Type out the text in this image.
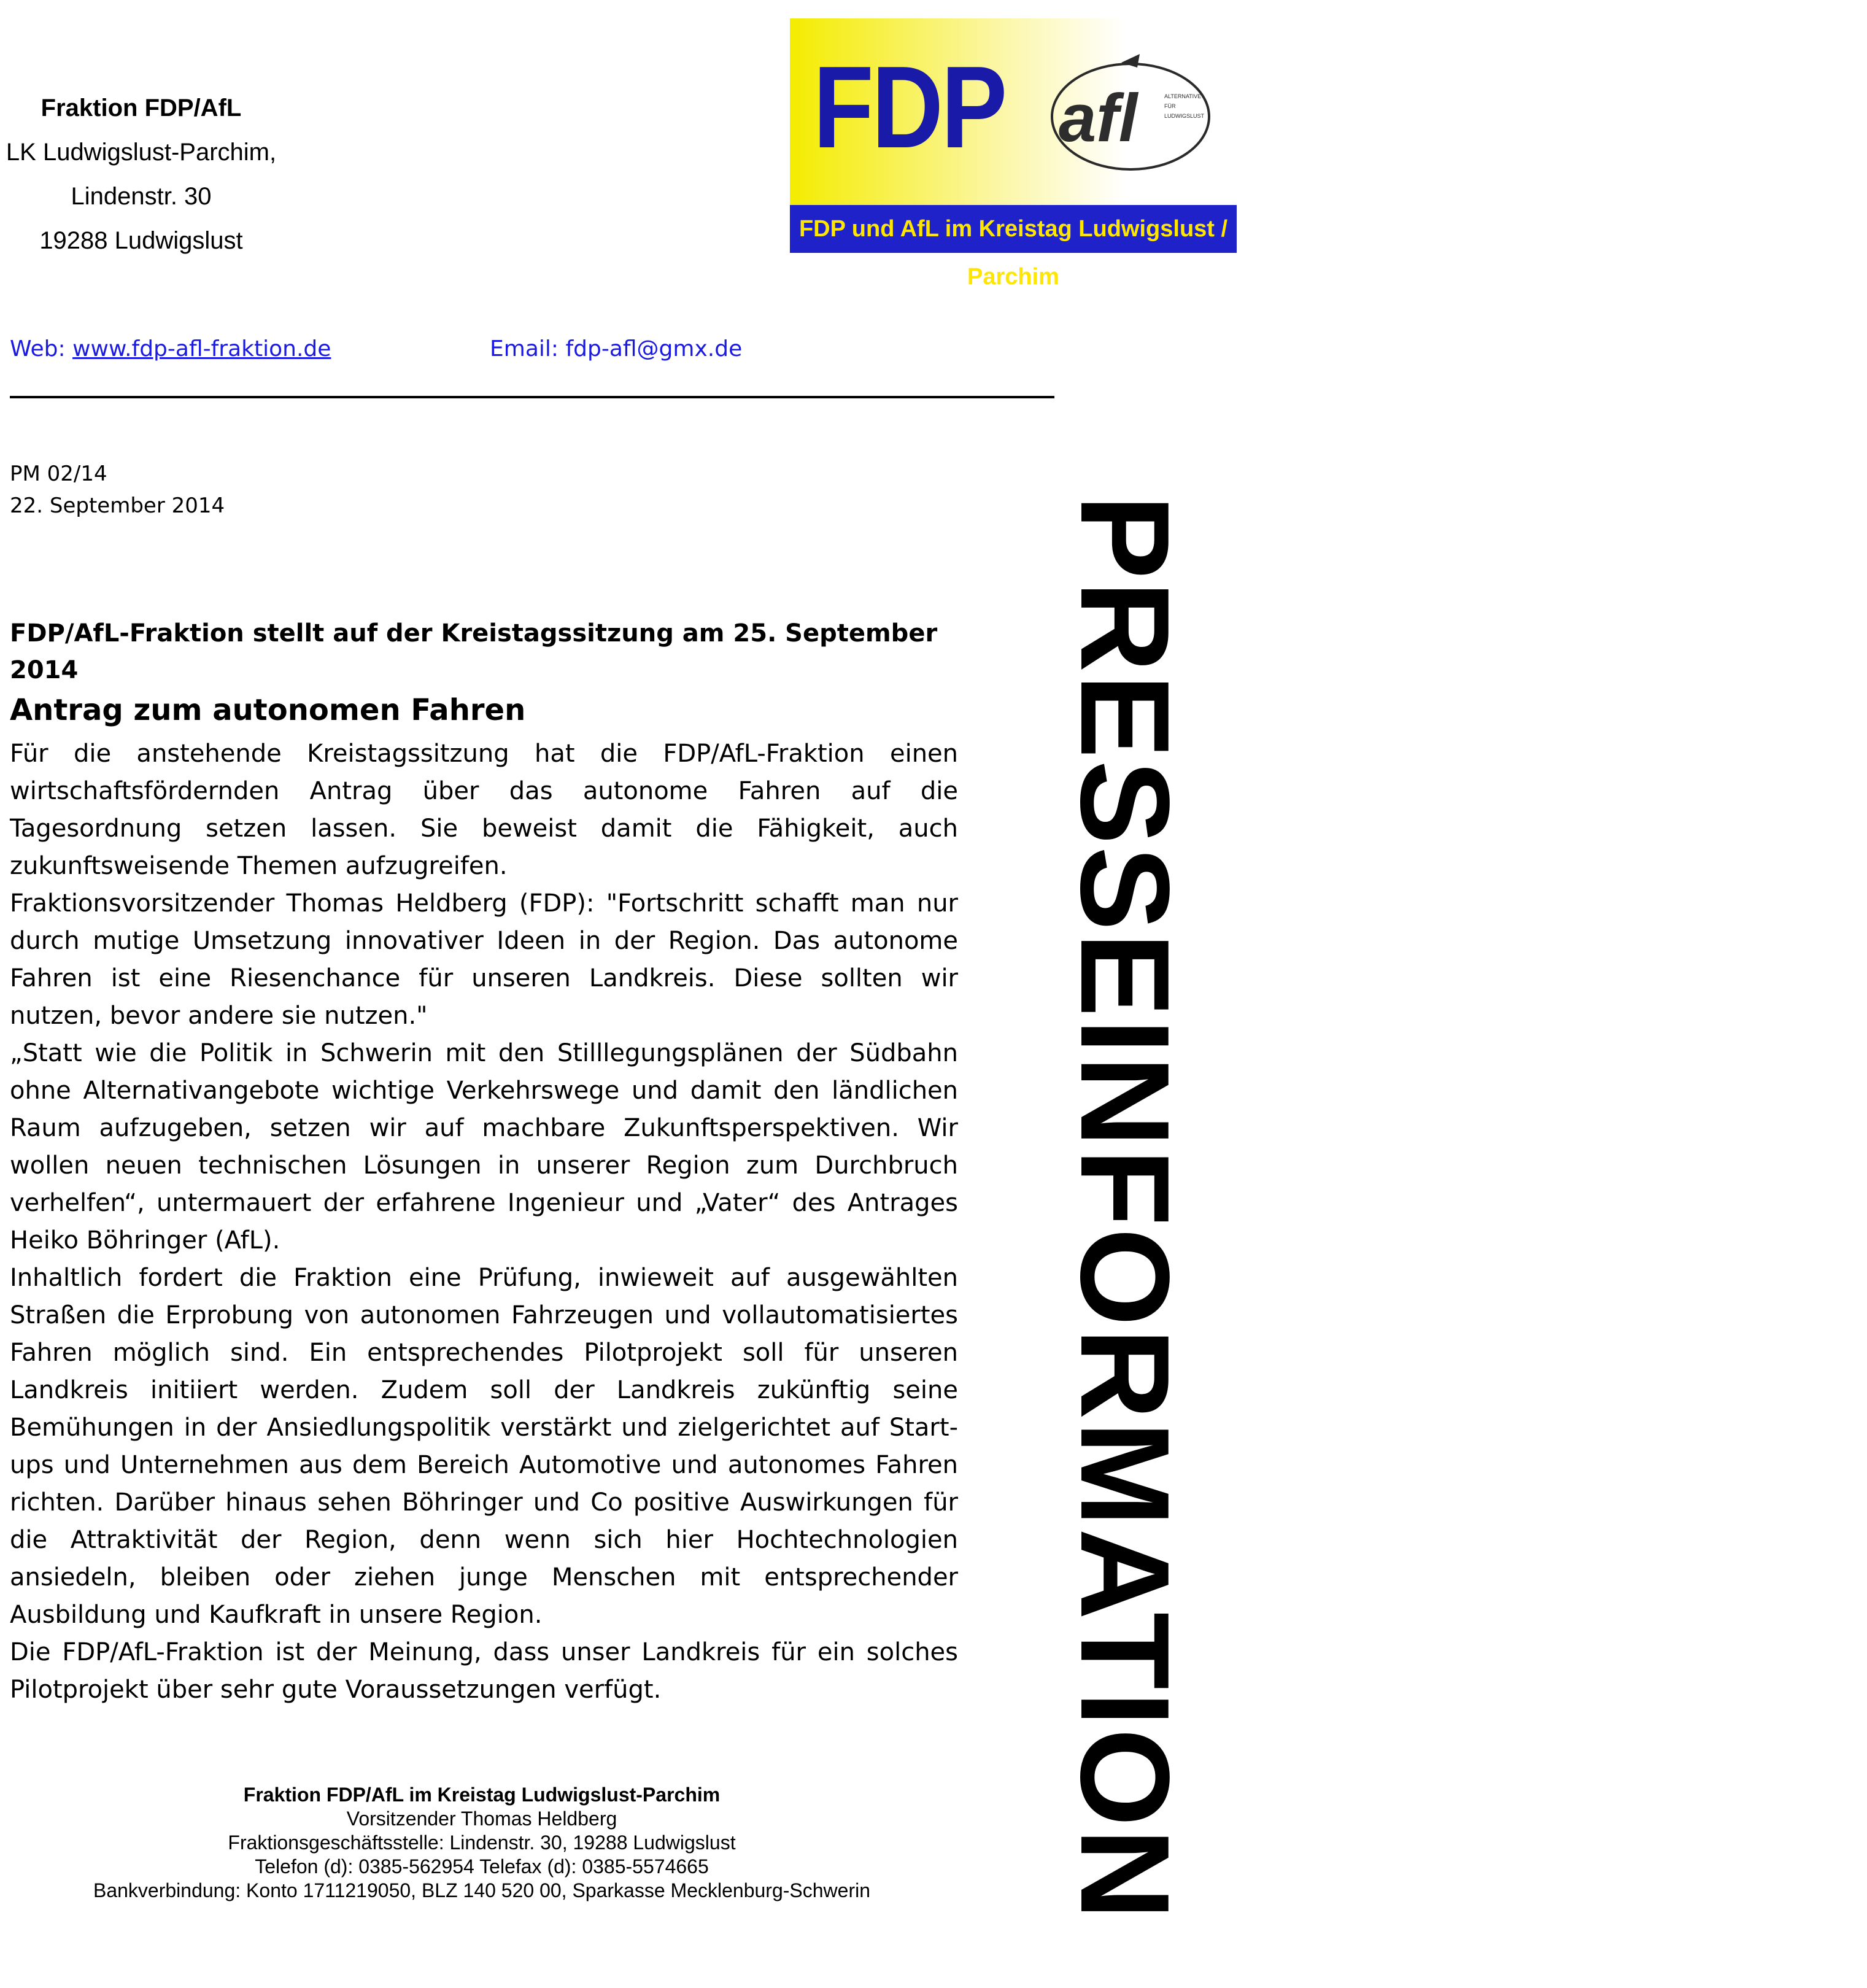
Fraktion FDP/AfL
LK Ludwigslust-Parchim,
Lindenstr. 30
19288 Ludwigslust
FDP afl	ALTERNATIVE
FÜR
LUDWIGSLUST
FDP und AfL im Kreistag Ludwigslust / Parchim
Web: www.fdp-afl-fraktion.de	Email: fdp-afl@gmx.de
PM 02/14
22. September 2014
FDP/AfL-Fraktion stellt auf der Kreistagssitzung am 25. September 2014
Antrag zum autonomen Fahren

Für die anstehende Kreistagssitzung hat die FDP/AfL-Fraktion einen wirtschaftsfördernden Antrag über das autonome Fahren auf die Tagesordnung setzen lassen. Sie beweist damit die Fähigkeit, auch zukunftsweisende Themen aufzugreifen.

Fraktionsvorsitzender Thomas Heldberg (FDP): "Fortschritt schafft man nur durch mutige Umsetzung innovativer Ideen in der Region. Das autonome Fahren ist eine Riesenchance für unseren Landkreis. Diese sollten wir nutzen, bevor andere sie nutzen."

„Statt wie die Politik in Schwerin mit den Stilllegungsplänen der Südbahn ohne Alternativangebote wichtige Verkehrswege und damit den ländlichen Raum aufzugeben, setzen wir auf machbare Zukunftsperspektiven. Wir wollen neuen technischen Lösungen in unserer Region zum Durchbruch verhelfen“, untermauert der erfahrene Ingenieur und „Vater“ des Antrages Heiko Böhringer (AfL).

Inhaltlich fordert die Fraktion eine Prüfung, inwieweit auf ausgewählten Straßen die Erprobung von autonomen Fahrzeugen und vollautomatisiertes Fahren möglich sind. Ein entsprechendes Pilotprojekt soll für unseren Landkreis initiiert werden. Zudem soll der Landkreis zukünftig seine Bemühungen in der Ansiedlungspolitik verstärkt und zielgerichtet auf Start-ups und Unternehmen aus dem Bereich Automotive und autonomes Fahren richten. Darüber hinaus sehen Böhringer und Co positive Auswirkungen für die Attraktivität der Region, denn wenn sich hier Hochtechnologien ansiedeln, bleiben oder ziehen junge Menschen mit entsprechender Ausbildung und Kaufkraft in unsere Region.

Die FDP/AfL-Fraktion ist der Meinung, dass unser Landkreis für ein solches Pilotprojekt über sehr gute Voraussetzungen verfügt.	PRESSEINFORMATION
Fraktion FDP/AfL im Kreistag Ludwigslust-Parchim
Vorsitzender Thomas Heldberg
Fraktionsgeschäftsstelle: Lindenstr. 30, 19288 Ludwigslust
Telefon (d): 0385-562954 Telefax (d): 0385-5574665
Bankverbindung: Konto 1711219050, BLZ 140 520 00, Sparkasse Mecklenburg-Schwerin
